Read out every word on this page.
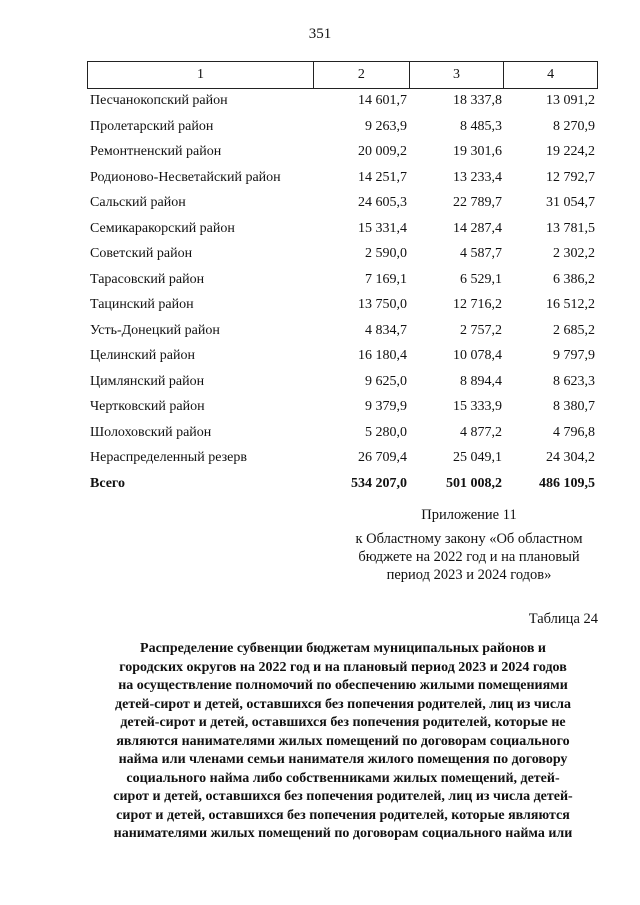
351
1	2	3	4
Песчанокопский район	14 601,7	18 337,8	13 091,2
Пролетарский район	9 263,9	8 485,3	8 270,9
Ремонтненский район	20 009,2	19 301,6	19 224,2
Родионово-Несветайский район	14 251,7	13 233,4	12 792,7
Сальский район	24 605,3	22 789,7	31 054,7
Семикаракорский район	15 331,4	14 287,4	13 781,5
Советский район	2 590,0	4 587,7	2 302,2
Тарасовский район	7 169,1	6 529,1	6 386,2
Тацинский район	13 750,0	12 716,2	16 512,2
Усть-Донецкий район	4 834,7	2 757,2	2 685,2
Целинский район	16 180,4	10 078,4	9 797,9
Цимлянский район	9 625,0	8 894,4	8 623,3
Чертковский район	9 379,9	15 333,9	8 380,7
Шолоховский район	5 280,0	4 877,2	4 796,8
Нераспределенный резерв	26 709,4	25 049,1	24 304,2
Всего	534 207,0	501 008,2	486 109,5
Приложение 11
к Областному закону «Об областном
бюджете на 2022 год и на плановый
период 2023 и 2024 годов»
Таблица 24
Распределение субвенции бюджетам муниципальных районов и
городских округов на 2022 год и на плановый период 2023 и 2024 годов
на осуществление полномочий по обеспечению жилыми помещениями
детей-сирот и детей, оставшихся без попечения родителей, лиц из числа
детей-сирот и детей, оставшихся без попечения родителей, которые не
являются нанимателями жилых помещений по договорам социального
найма или членами семьи нанимателя жилого помещения по договору
социального найма либо собственниками жилых помещений, детей-
сирот и детей, оставшихся без попечения родителей, лиц из числа детей-
сирот и детей, оставшихся без попечения родителей, которые являются
нанимателями жилых помещений по договорам социального найма или
